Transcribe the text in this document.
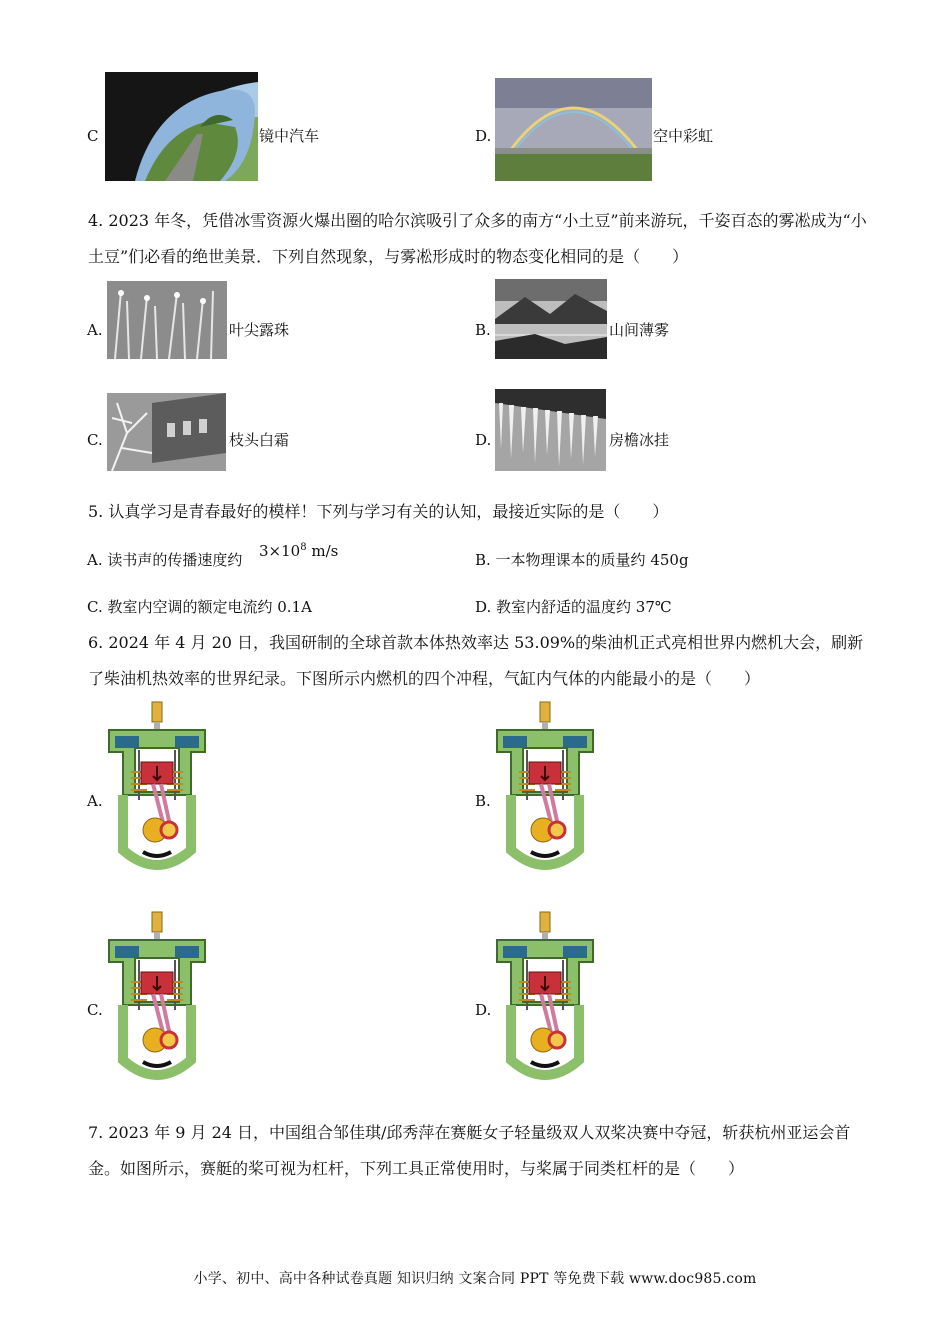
C	镜中汽车	D.	空中彩虹
4. 2023 年冬，凭借冰雪资源火爆出圈的哈尔滨吸引了众多的南方“小土豆”前来游玩，千姿百态的雾凇成为“小土豆”们必看的绝世美景．下列自然现象，与雾凇形成时的物态变化相同的是（　　）
A.	叶尖露珠	B.	山间薄雾
C.	枝头白霜	D.	房檐冰挂
5. 认真学习是青春最好的模样！下列与学习有关的认知，最接近实际的是（　　）
A. 读书声的传播速度约 $3\times 10^8$ m/s	B. 一本物理课本的质量约 450g
C. 教室内空调的额定电流约 0.1A	D. 教室内舒适的温度约 37℃
6. 2024 年 4 月 20 日，我国研制的全球首款本体热效率达 53.09%的柴油机正式亮相世界内燃机大会，刷新了柴油机热效率的世界纪录。下图所示内燃机的四个冲程，气缸内气体的内能最小的是（　　）
A.	B.
C.	D.
7. 2023 年 9 月 24 日，中国组合邹佳琪/邱秀萍在赛艇女子轻量级双人双桨决赛中夺冠，斩获杭州亚运会首金。如图所示，赛艇的桨可视为杠杆，下列工具正常使用时，与桨属于同类杠杆的是（　　）
小学、初中、高中各种试卷真题 知识归纳 文案合同 PPT 等免费下载 www.doc985.com
